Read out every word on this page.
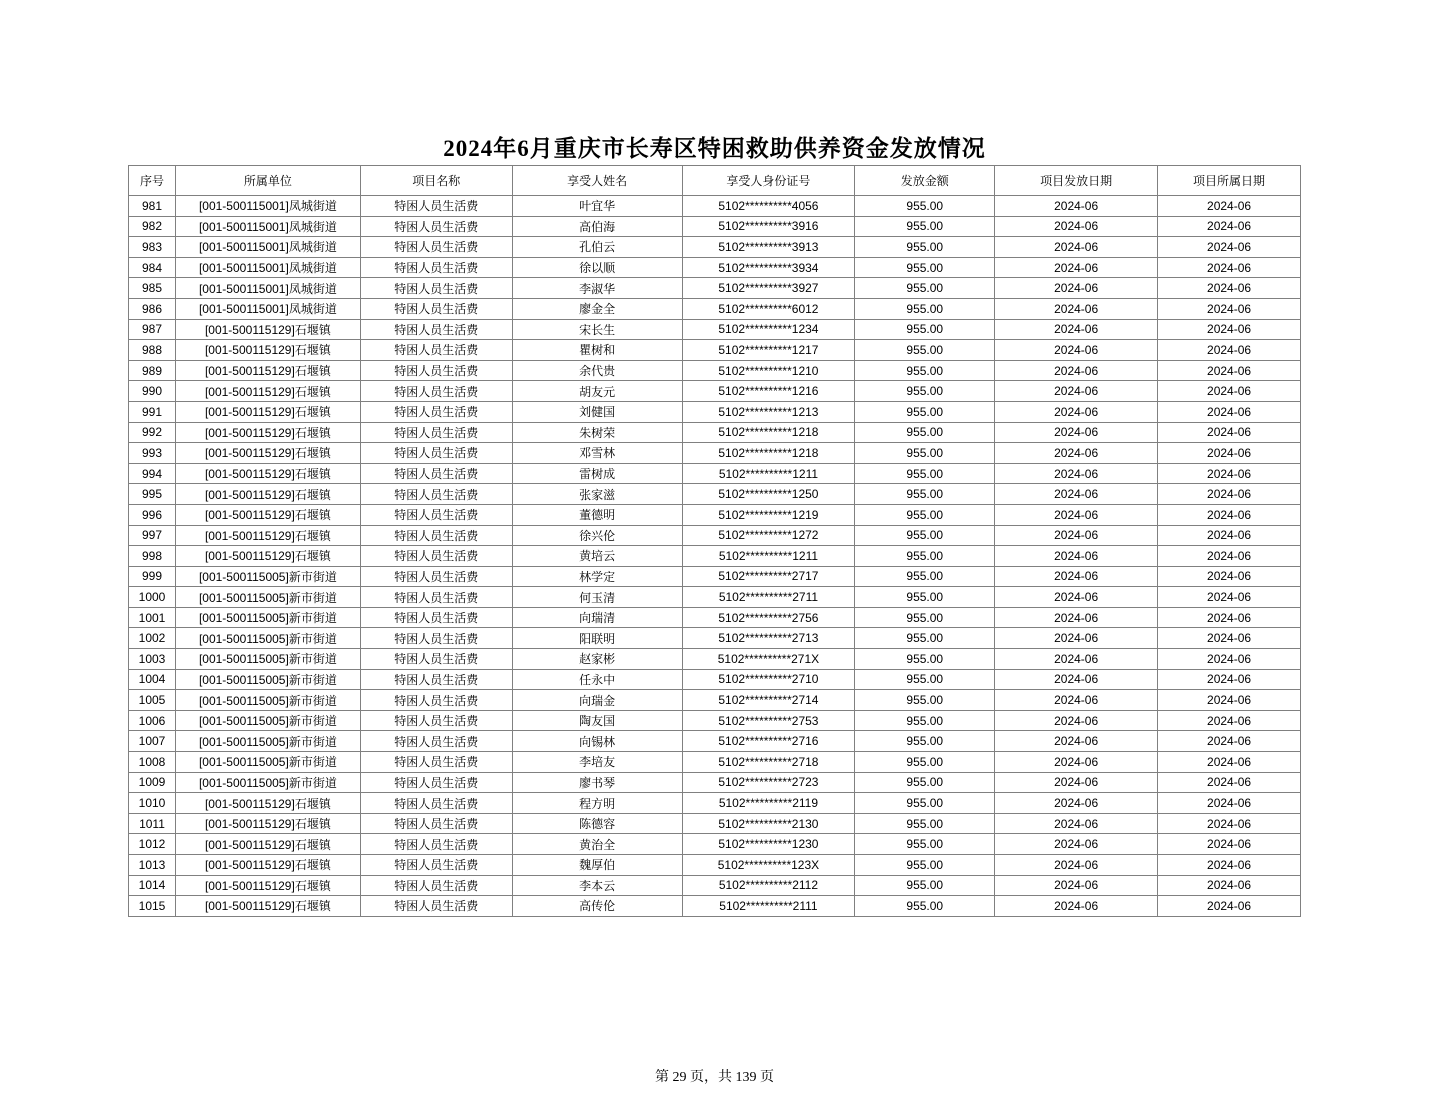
2024年6月重庆市长寿区特困救助供养资金发放情况
序号	所属单位	项目名称	享受人姓名	享受人身份证号	发放金额	项目发放日期	项目所属日期
981	[001-500115001]凤城街道	特困人员生活费	叶宜华	5102**********4056	955.00	2024-06	2024-06
982	[001-500115001]凤城街道	特困人员生活费	高伯海	5102**********3916	955.00	2024-06	2024-06
983	[001-500115001]凤城街道	特困人员生活费	孔伯云	5102**********3913	955.00	2024-06	2024-06
984	[001-500115001]凤城街道	特困人员生活费	徐以顺	5102**********3934	955.00	2024-06	2024-06
985	[001-500115001]凤城街道	特困人员生活费	李淑华	5102**********3927	955.00	2024-06	2024-06
986	[001-500115001]凤城街道	特困人员生活费	廖金全	5102**********6012	955.00	2024-06	2024-06
987	[001-500115129]石堰镇	特困人员生活费	宋长生	5102**********1234	955.00	2024-06	2024-06
988	[001-500115129]石堰镇	特困人员生活费	瞿树和	5102**********1217	955.00	2024-06	2024-06
989	[001-500115129]石堰镇	特困人员生活费	余代贵	5102**********1210	955.00	2024-06	2024-06
990	[001-500115129]石堰镇	特困人员生活费	胡友元	5102**********1216	955.00	2024-06	2024-06
991	[001-500115129]石堰镇	特困人员生活费	刘健国	5102**********1213	955.00	2024-06	2024-06
992	[001-500115129]石堰镇	特困人员生活费	朱树荣	5102**********1218	955.00	2024-06	2024-06
993	[001-500115129]石堰镇	特困人员生活费	邓雪林	5102**********1218	955.00	2024-06	2024-06
994	[001-500115129]石堰镇	特困人员生活费	雷树成	5102**********1211	955.00	2024-06	2024-06
995	[001-500115129]石堰镇	特困人员生活费	张家滋	5102**********1250	955.00	2024-06	2024-06
996	[001-500115129]石堰镇	特困人员生活费	董德明	5102**********1219	955.00	2024-06	2024-06
997	[001-500115129]石堰镇	特困人员生活费	徐兴伦	5102**********1272	955.00	2024-06	2024-06
998	[001-500115129]石堰镇	特困人员生活费	黄培云	5102**********1211	955.00	2024-06	2024-06
999	[001-500115005]新市街道	特困人员生活费	林学定	5102**********2717	955.00	2024-06	2024-06
1000	[001-500115005]新市街道	特困人员生活费	何玉清	5102**********2711	955.00	2024-06	2024-06
1001	[001-500115005]新市街道	特困人员生活费	向瑞清	5102**********2756	955.00	2024-06	2024-06
1002	[001-500115005]新市街道	特困人员生活费	阳联明	5102**********2713	955.00	2024-06	2024-06
1003	[001-500115005]新市街道	特困人员生活费	赵家彬	5102**********271X	955.00	2024-06	2024-06
1004	[001-500115005]新市街道	特困人员生活费	任永中	5102**********2710	955.00	2024-06	2024-06
1005	[001-500115005]新市街道	特困人员生活费	向瑞金	5102**********2714	955.00	2024-06	2024-06
1006	[001-500115005]新市街道	特困人员生活费	陶友国	5102**********2753	955.00	2024-06	2024-06
1007	[001-500115005]新市街道	特困人员生活费	向锡林	5102**********2716	955.00	2024-06	2024-06
1008	[001-500115005]新市街道	特困人员生活费	李培友	5102**********2718	955.00	2024-06	2024-06
1009	[001-500115005]新市街道	特困人员生活费	廖书琴	5102**********2723	955.00	2024-06	2024-06
1010	[001-500115129]石堰镇	特困人员生活费	程方明	5102**********2119	955.00	2024-06	2024-06
1011	[001-500115129]石堰镇	特困人员生活费	陈德容	5102**********2130	955.00	2024-06	2024-06
1012	[001-500115129]石堰镇	特困人员生活费	黄治全	5102**********1230	955.00	2024-06	2024-06
1013	[001-500115129]石堰镇	特困人员生活费	魏厚伯	5102**********123X	955.00	2024-06	2024-06
1014	[001-500115129]石堰镇	特困人员生活费	李本云	5102**********2112	955.00	2024-06	2024-06
1015	[001-500115129]石堰镇	特困人员生活费	高传伦	5102**********2111	955.00	2024-06	2024-06
第 29 页，共 139 页
